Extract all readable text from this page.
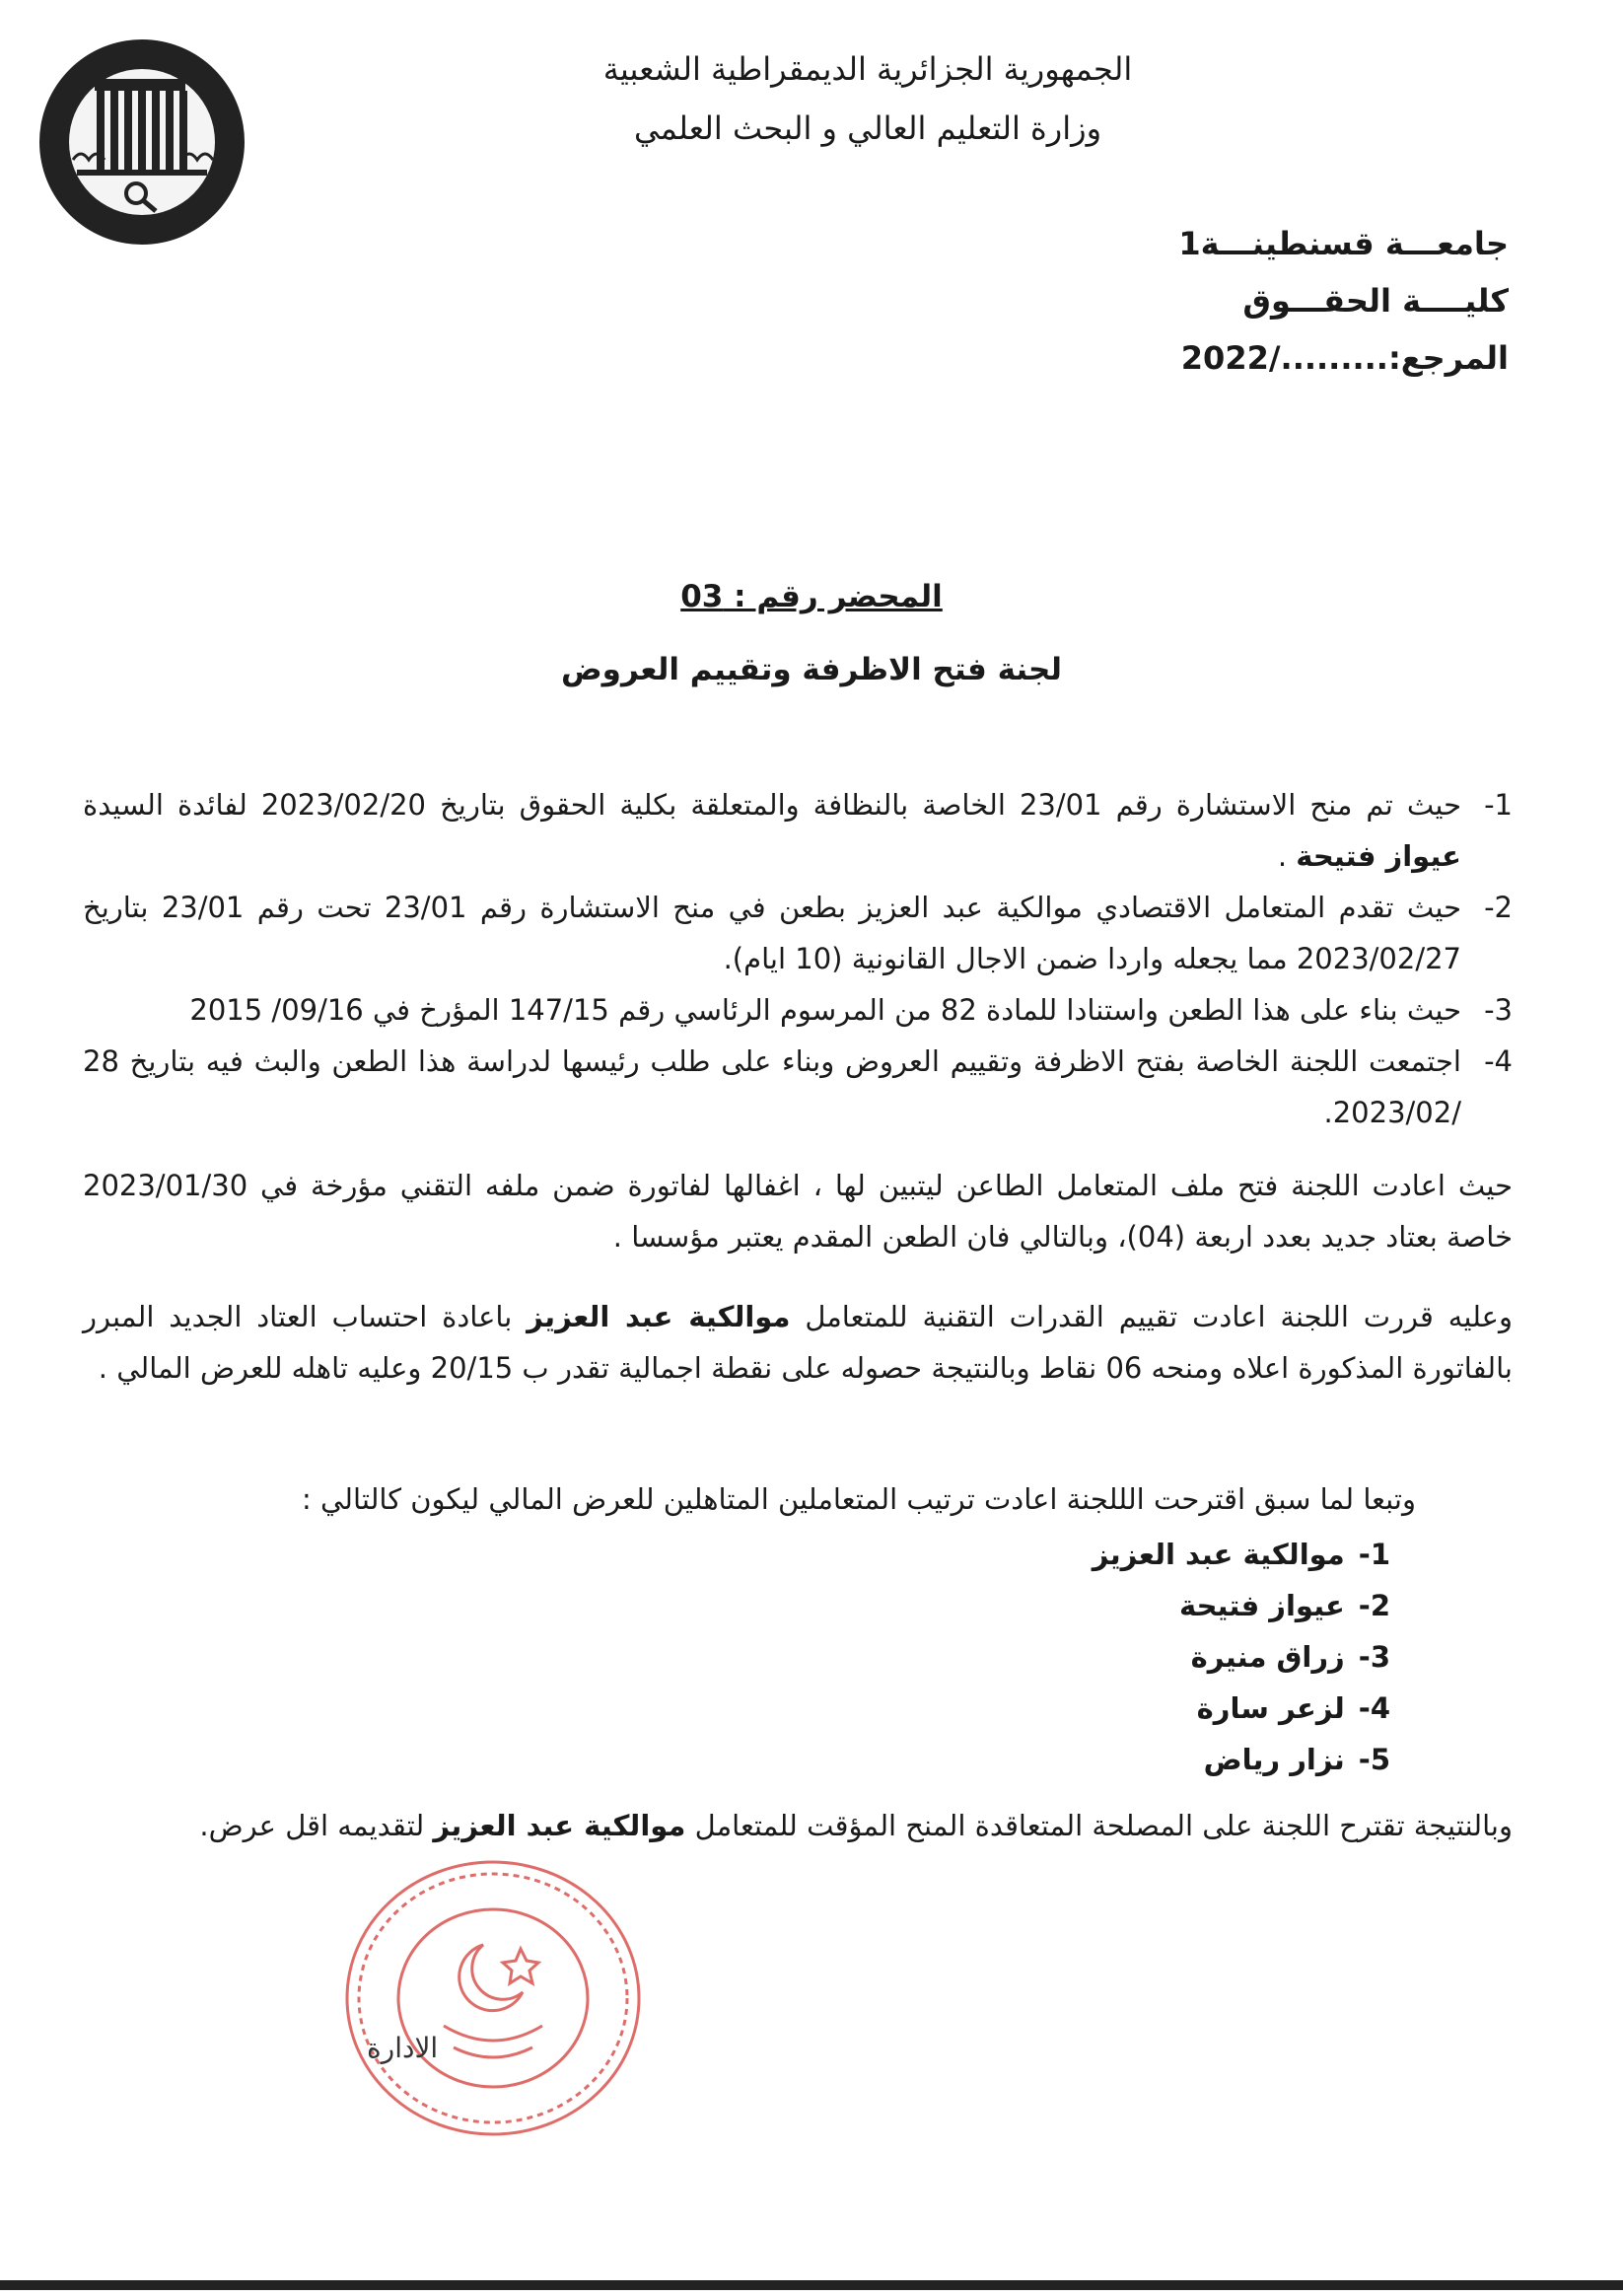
الجمهورية الجزائرية الديمقراطية الشعبية
وزارة التعليم العالي و البحث العلمي
جامعـــة قسنطينـــة1
كليــــة الحقـــوق
المرجع:........./2022
المحضر رقم : 03
لجنة فتح الاظرفة وتقييم العروض
1-
حيث تم منح الاستشارة رقم 23/01 الخاصة بالنظافة والمتعلقة بكلية الحقوق بتاريخ 2023/02/20 لفائدة السيدة عيواز فتيحة .
2-
حيث تقدم المتعامل الاقتصادي موالكية عبد العزيز بطعن في منح الاستشارة رقم 23/01 تحت رقم 23/01 بتاريخ 2023/02/27 مما يجعله واردا ضمن الاجال القانونية (10 ايام).
3-
حيث بناء على هذا الطعن واستنادا للمادة 82 من المرسوم الرئاسي رقم 147/15 المؤرخ في 09/16/ 2015
4-
اجتمعت اللجنة الخاصة بفتح الاظرفة وتقييم العروض وبناء على طلب رئيسها لدراسة هذا الطعن والبث فيه بتاريخ 28 /2023/02.

حيث اعادت اللجنة فتح ملف المتعامل الطاعن ليتبين لها ، اغفالها لفاتورة ضمن ملفه التقني مؤرخة في 2023/01/30 خاصة بعتاد جديد بعدد اربعة (04)، وبالتالي فان الطعن المقدم يعتبر مؤسسا .

وعليه قررت اللجنة اعادت تقييم القدرات التقنية للمتعامل موالكية عبد العزيز باعادة احتساب العتاد الجديد المبرر بالفاتورة المذكورة اعلاه ومنحه 06 نقاط وبالنتيجة حصوله على نقطة اجمالية تقدر ب 20/15 وعليه تاهله للعرض المالي .

وتبعا لما سبق اقترحت الللجنة اعادت ترتيب المتعاملين المتاهلين للعرض المالي ليكون كالتالي :
1-موالكية عبد العزيز
2-عيواز فتيحة
3-زراق منيرة
4-لزعر سارة
5-نزار رياض
وبالنتيجة تقترح اللجنة على المصلحة المتعاقدة المنح المؤقت للمتعامل موالكية عبد العزيز لتقديمه اقل عرض.
الادارة
